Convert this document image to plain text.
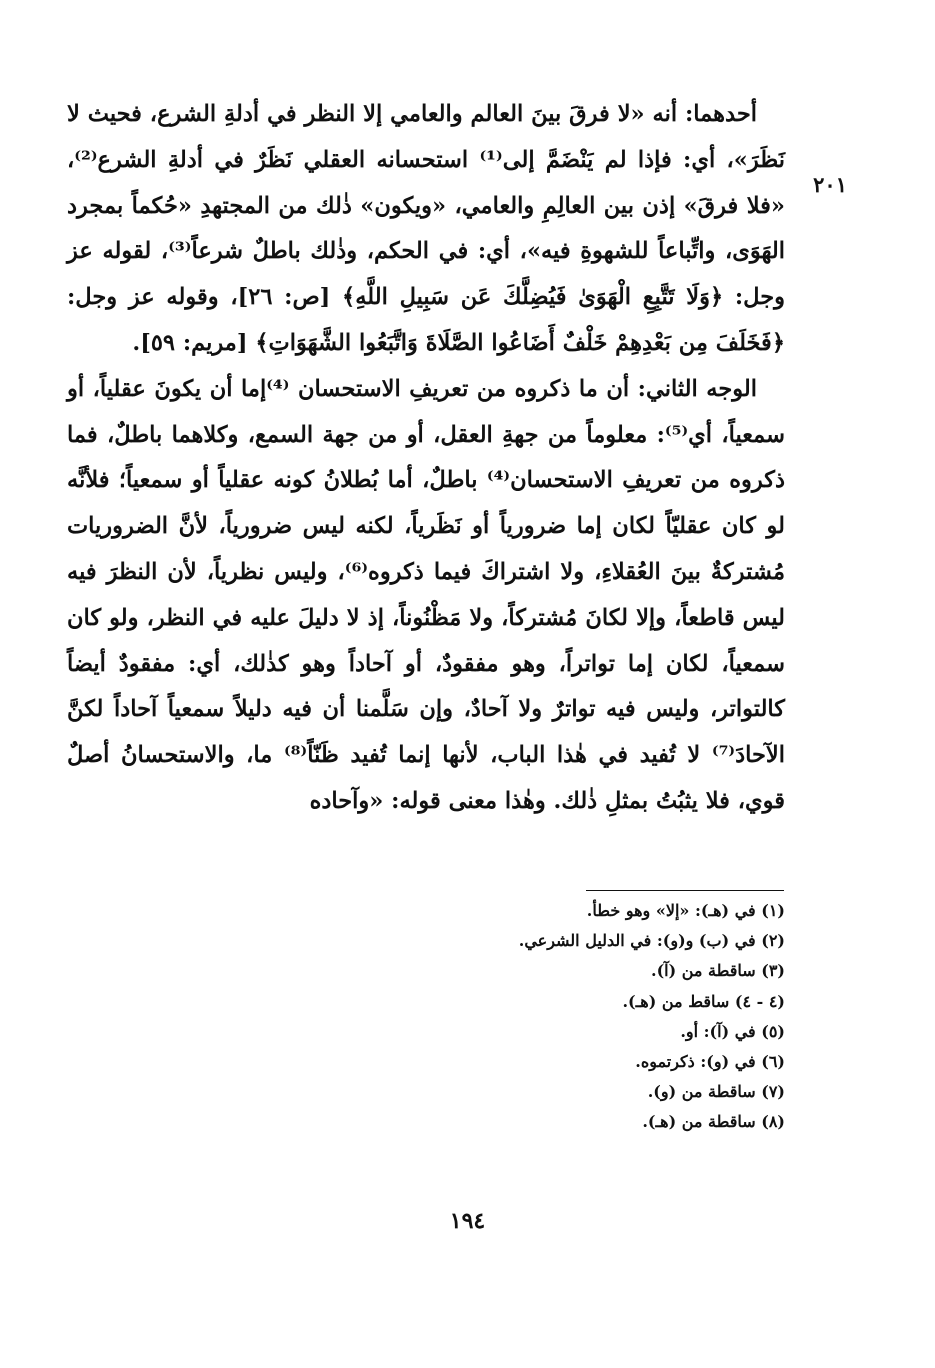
٢٠١

أحدهما: أنه «لا فرقَ بينَ العالم والعامي إلا النظر في أدلةِ الشرع، فحيث لا نَظَرَ»، أي: فإذا لم يَنْضَمَّ إلى⁽¹⁾ استحسانه العقلي نَظَرٌ في أدلةِ الشرع⁽²⁾، «فلا فرقَ» إذن بين العالِمِ والعامي، «ويكون» ذٰلك من المجتهدِ «حُكماً بمجرد الهَوَى، واتِّباعاً للشهوةِ فيه»، أي: في الحكم، وذٰلك باطلٌ شرعاً⁽³⁾، لقوله عز وجل: ﴿وَلَا تَتَّبِعِ الْهَوَىٰ فَيُضِلَّكَ عَن سَبِيلِ اللَّهِ﴾ [ص: ٢٦]، وقوله عز وجل: ﴿فَخَلَفَ مِن بَعْدِهِمْ خَلْفٌ أَضَاعُوا الصَّلَاةَ وَاتَّبَعُوا الشَّهَوَاتِ﴾ [مريم: ٥٩].

الوجه الثاني: أن ما ذكروه من تعريفِ الاستحسان ⁽⁴⁾إما أن يكونَ عقلياً، أو سمعياً، أي⁽⁵⁾: معلوماً من جهةِ العقل، أو من جهة السمع، وكلاهما باطلٌ، فما ذكروه من تعريفِ الاستحسان⁽⁴⁾ باطلٌ، أما بُطلانُ كونه عقلياً أو سمعياً؛ فلأنَّه لو كان عقليّاً لكان إما ضرورياً أو نَظَرياً، لكنه ليس ضرورياً، لأنَّ الضروريات مُشتركةٌ بينَ العُقلاءِ، ولا اشتراكَ فيما ذكروه⁽⁶⁾، وليس نظرياً، لأن النظرَ فيه ليس قاطعاً، وإلا لكانَ مُشتركاً، ولا مَظْنُوناً، إذ لا دليلَ عليه في النظر، ولو كان سمعياً، لكان إما تواتراً، وهو مفقودٌ، أو آحاداً وهو كذٰلك، أي: مفقودٌ أيضاً كالتواتر، وليس فيه تواترٌ ولا آحادٌ، وإن سَلَّمنا أن فيه دليلاً سمعياً آحاداً لكنَّ الآحادَ⁽⁷⁾ لا تُفيد في هٰذا الباب، لأنها إنما تُفيد ظَنّاً⁽⁸⁾ ما، والاستحسانُ أصلٌ قوي، فلا يثبُتُ بمثلِ ذٰلك. وهٰذا معنى قوله: «وآحاده

(١) في (هـ): «إلا» وهو خطأ.
(٢) في (ب) و(و): في الدليل الشرعي.
(٣) ساقطة من (آ).
(٤ - ٤) ساقط من (هـ).
(٥) في (آ): أو.
(٦) في (و): ذكرتموه.
(٧) ساقطة من (و).
(٨) ساقطة من (هـ).
١٩٤
